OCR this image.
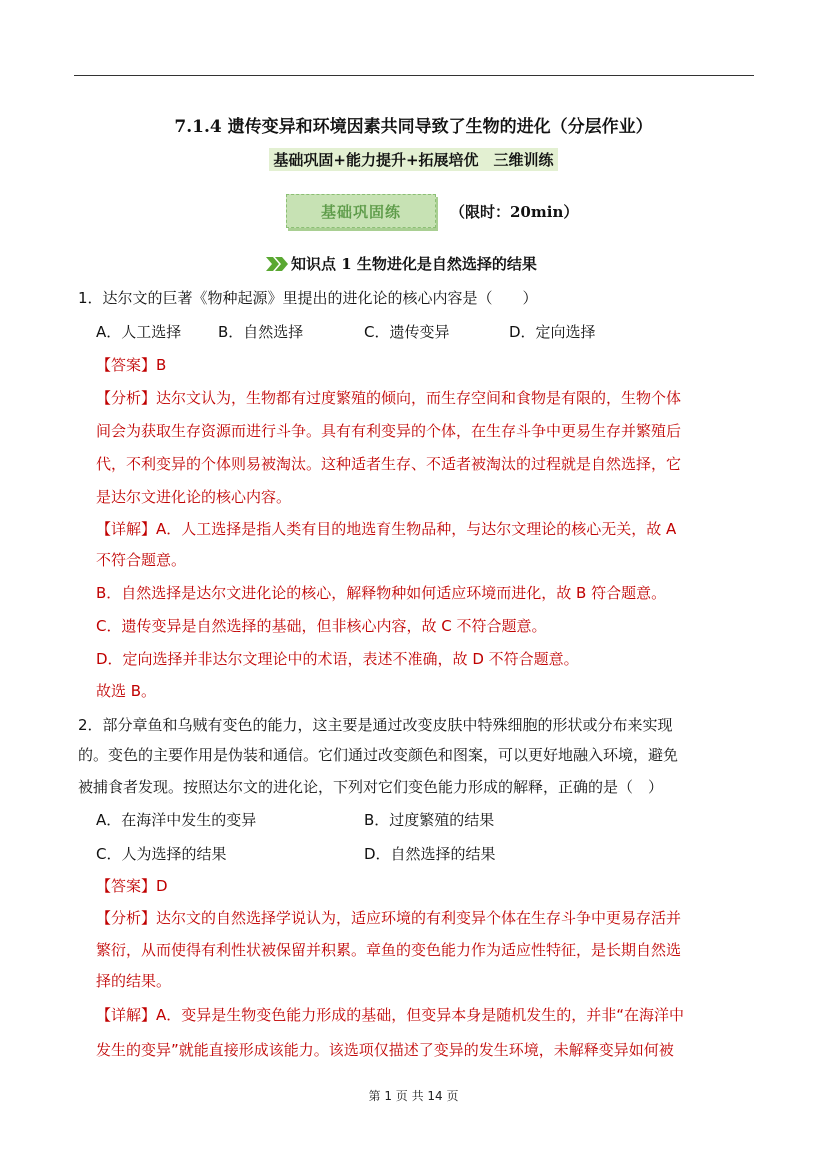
7.1.4 遗传变异和环境因素共同导致了生物的进化（分层作业）
基础巩固+能力提升+拓展培优　三维训练
基础巩固练	（限时：20min）
知识点 1 生物进化是自然选择的结果
1．达尔文的巨著《物种起源》里提出的进化论的核心内容是（　　）
A．人工选择 B．自然选择	C．遗传变异	D．定向选择
【答案】B
【分析】达尔文认为，生物都有过度繁殖的倾向，而生存空间和食物是有限的，生物个体
间会为获取生存资源而进行斗争。具有有利变异的个体，在生存斗争中更易生存并繁殖后
代，不利变异的个体则易被淘汰。这种适者生存、不适者被淘汰的过程就是自然选择，它
是达尔文进化论的核心内容。
【详解】A．人工选择是指人类有目的地选育生物品种，与达尔文理论的核心无关，故 A
不符合题意。
B．自然选择是达尔文进化论的核心，解释物种如何适应环境而进化，故 B 符合题意。
C．遗传变异是自然选择的基础，但非核心内容，故 C 不符合题意。
D．定向选择并非达尔文理论中的术语，表述不准确，故 D 不符合题意。
故选 B。
2．部分章鱼和乌贼有变色的能力，这主要是通过改变皮肤中特殊细胞的形状或分布来实现
的。变色的主要作用是伪装和通信。它们通过改变颜色和图案，可以更好地融入环境，避免
被捕食者发现。按照达尔文的进化论，下列对它们变色能力形成的解释，正确的是（　）
A．在海洋中发生的变异	B．过度繁殖的结果
C．人为选择的结果	D．自然选择的结果
【答案】D
【分析】达尔文的自然选择学说认为，适应环境的有利变异个体在生存斗争中更易存活并
繁衍，从而使得有利性状被保留并积累。章鱼的变色能力作为适应性特征，是长期自然选
择的结果。
【详解】A．变异是生物变色能力形成的基础，但变异本身是随机发生的，并非“在海洋中
发生的变异”就能直接形成该能力。该选项仅描述了变异的发生环境，未解释变异如何被
第 1 页 共 14 页
